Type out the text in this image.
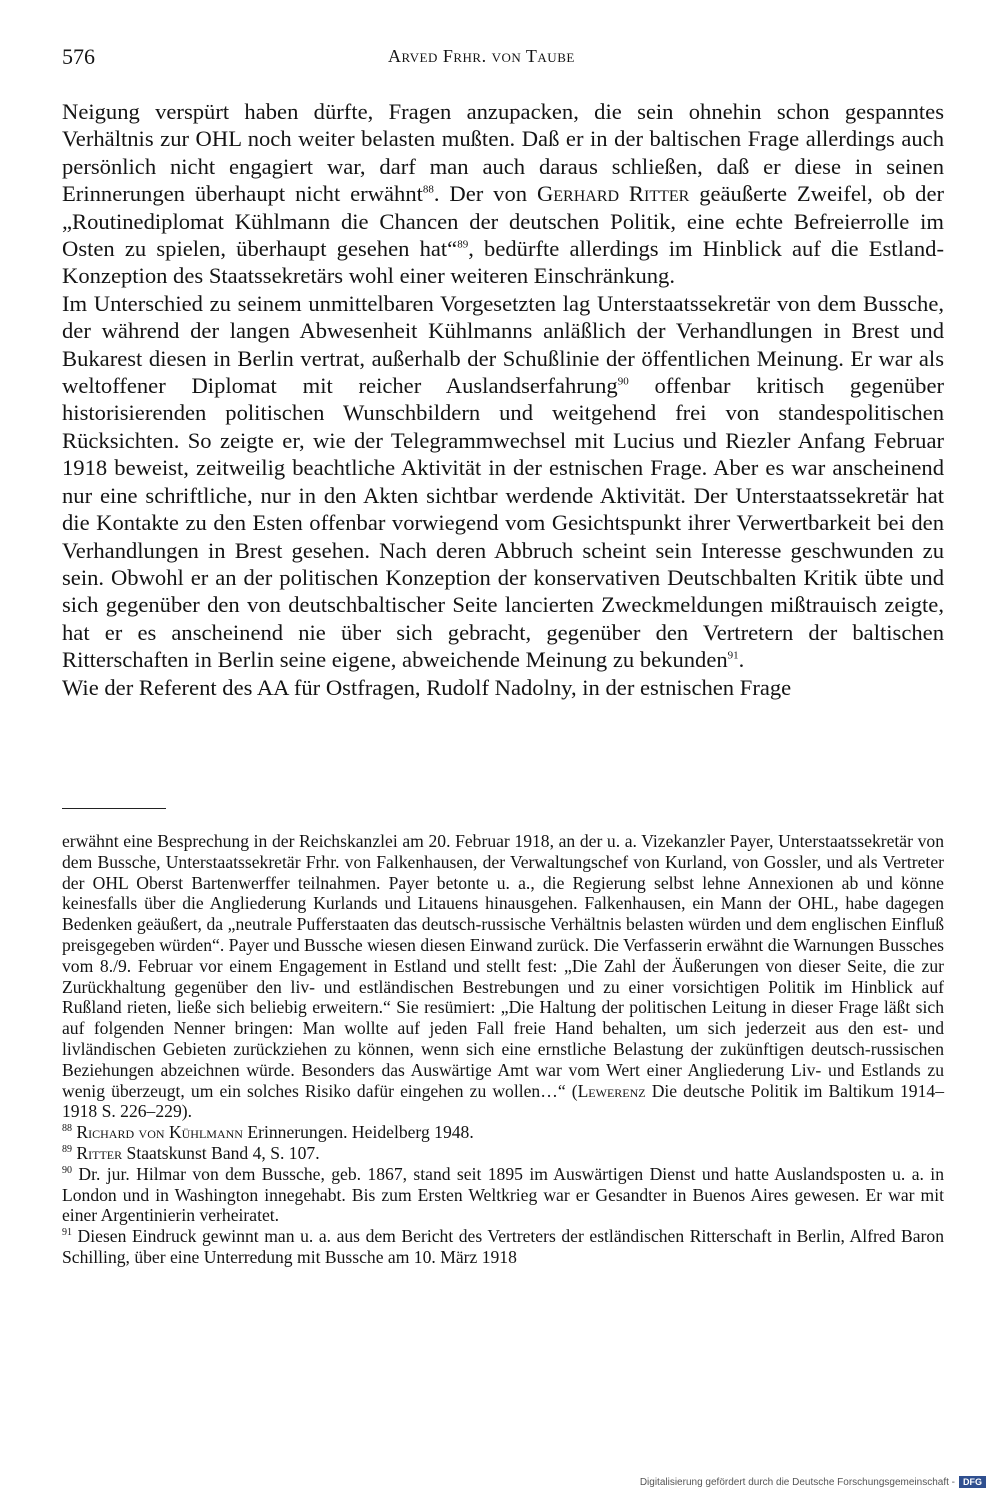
576	Arved Frhr. von Taube

Neigung verspürt haben dürfte, Fragen anzupacken, die sein ohnehin schon gespanntes Verhältnis zur OHL noch weiter belasten mußten. Daß er in der baltischen Frage allerdings auch persönlich nicht engagiert war, darf man auch daraus schließen, daß er diese in seinen Erinnerungen überhaupt nicht erwähnt$^{88}$. Der von Gerhard Ritter geäußerte Zweifel, ob der „Routinediplomat Kühlmann die Chancen der deutschen Politik, eine echte Befreierrolle im Osten zu spielen, überhaupt gesehen hat“$^{89}$, bedürfte allerdings im Hinblick auf die Estland-Konzeption des Staatssekretärs wohl einer weiteren Einschränkung.

Im Unterschied zu seinem unmittelbaren Vorgesetzten lag Unterstaatssekretär von dem Bussche, der während der langen Abwesenheit Kühlmanns anläßlich der Verhandlungen in Brest und Bukarest diesen in Berlin vertrat, außerhalb der Schußlinie der öffentlichen Meinung. Er war als weltoffener Diplomat mit reicher Auslandserfahrung$^{90}$ offenbar kritisch gegenüber historisierenden politischen Wunschbildern und weitgehend frei von standespolitischen Rücksichten. So zeigte er, wie der Telegrammwechsel mit Lucius und Riezler Anfang Februar 1918 beweist, zeitweilig beachtliche Aktivität in der estnischen Frage. Aber es war anscheinend nur eine schriftliche, nur in den Akten sichtbar werdende Aktivität. Der Unterstaatssekretär hat die Kontakte zu den Esten offenbar vorwiegend vom Gesichtspunkt ihrer Verwertbarkeit bei den Verhandlungen in Brest gesehen. Nach deren Abbruch scheint sein Interesse geschwunden zu sein. Obwohl er an der politischen Konzeption der konservativen Deutschbalten Kritik übte und sich gegenüber den von deutschbaltischer Seite lancierten Zweckmeldungen mißtrauisch zeigte, hat er es anscheinend nie über sich gebracht, gegenüber den Vertretern der baltischen Ritterschaften in Berlin seine eigene, abweichende Meinung zu bekunden$^{91}$.

Wie der Referent des AA für Ostfragen, Rudolf Nadolny, in der estnischen Frage

erwähnt eine Besprechung in der Reichskanzlei am 20. Februar 1918, an der u. a. Vizekanzler Payer, Unterstaatssekretär von dem Bussche, Unterstaatssekretär Frhr. von Falkenhausen, der Verwaltungschef von Kurland, von Gossler, und als Vertreter der OHL Oberst Bartenwerffer teilnahmen. Payer betonte u. a., die Regierung selbst lehne Annexionen ab und könne keinesfalls über die Angliederung Kurlands und Litauens hinausgehen. Falkenhausen, ein Mann der OHL, habe dagegen Bedenken geäußert, da „neutrale Pufferstaaten das deutsch-russische Verhältnis belasten würden und dem englischen Einfluß preisgegeben würden“. Payer und Bussche wiesen diesen Einwand zurück. Die Verfasserin erwähnt die Warnungen Bussches vom 8./9. Februar vor einem Engagement in Estland und stellt fest: „Die Zahl der Äußerungen von dieser Seite, die zur Zurückhaltung gegenüber den liv- und estländischen Bestrebungen und zu einer vorsichtigen Politik im Hinblick auf Rußland rieten, ließe sich beliebig erweitern.“ Sie resümiert: „Die Haltung der politischen Leitung in dieser Frage läßt sich auf folgenden Nenner bringen: Man wollte auf jeden Fall freie Hand behalten, um sich jederzeit aus den est- und livländischen Gebieten zurückziehen zu können, wenn sich eine ernstliche Belastung der zukünftigen deutsch-russischen Beziehungen abzeichnen würde. Besonders das Auswärtige Amt war vom Wert einer Angliederung Liv- und Estlands zu wenig überzeugt, um ein solches Risiko dafür eingehen zu wollen…“ (Lewerenz Die deutsche Politik im Baltikum 1914–1918 S. 226–229).

$^{88}$ Richard von Kühlmann Erinnerungen. Heidelberg 1948.

$^{89}$ Ritter Staatskunst Band 4, S. 107.

$^{90}$ Dr. jur. Hilmar von dem Bussche, geb. 1867, stand seit 1895 im Auswärtigen Dienst und hatte Auslandsposten u. a. in London und in Washington innegehabt. Bis zum Ersten Weltkrieg war er Gesandter in Buenos Aires gewesen. Er war mit einer Argentinierin verheiratet.

$^{91}$ Diesen Eindruck gewinnt man u. a. aus dem Bericht des Vertreters der estländischen Ritterschaft in Berlin, Alfred Baron Schilling, über eine Unterredung mit Bussche am 10. März 1918

Digitalisierung gefördert durch die Deutsche Forschungsgemeinschaft - DFG
